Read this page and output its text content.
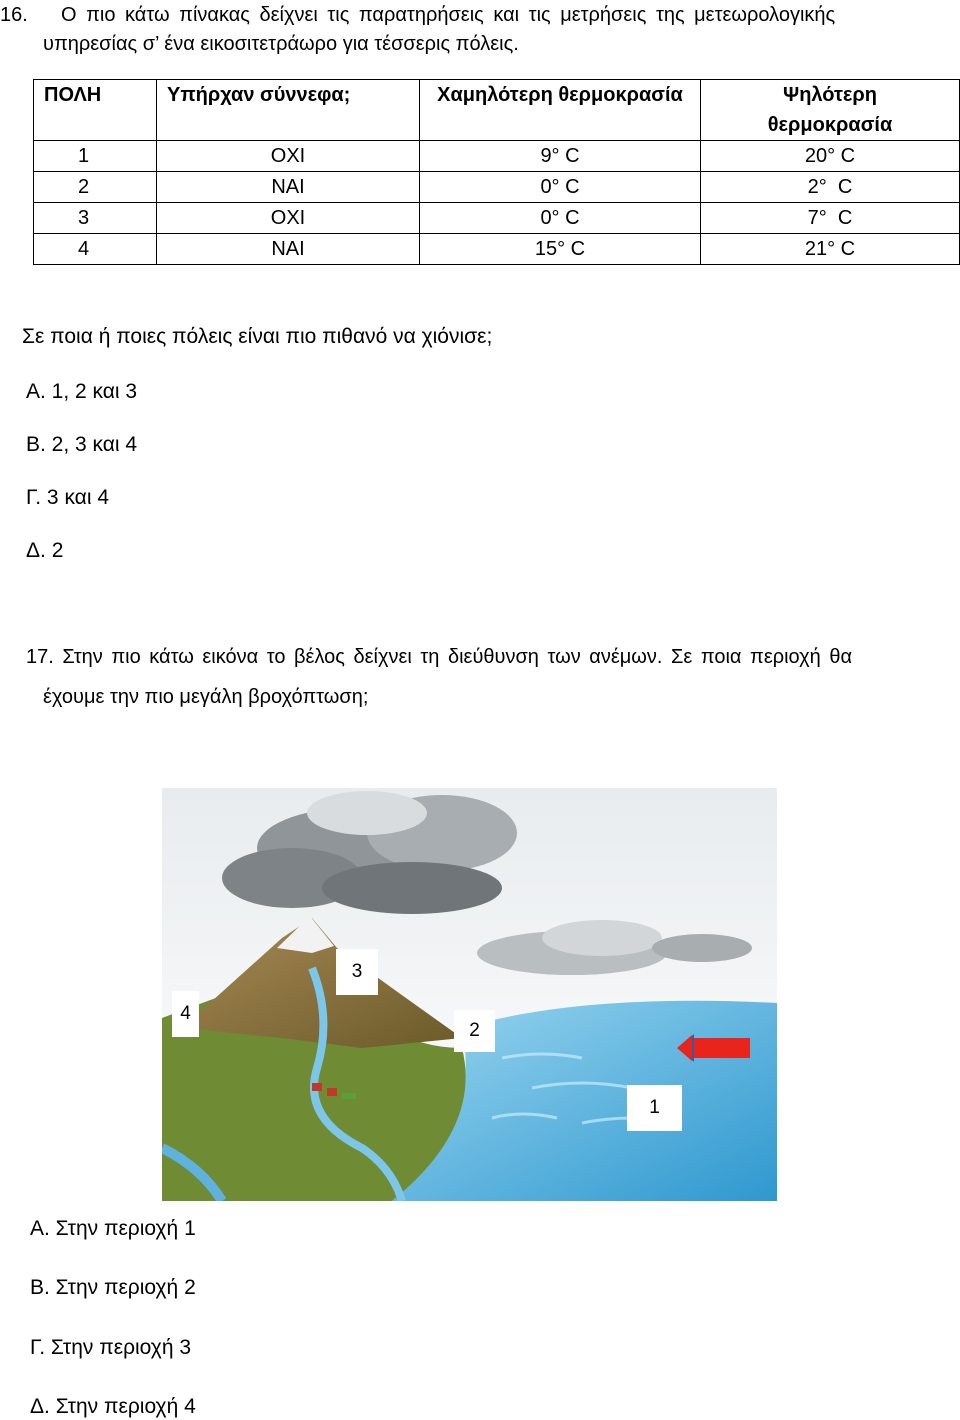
16. Ο πιο κάτω πίνακας δείχνει τις παρατηρήσεις και τις μετρήσεις της μετεωρολογικής
υπηρεσίας σ’ ένα εικοσιτετράωρο για τέσσερις πόλεις.
ΠΟΛΗ	Υπήρχαν σύννεφα;	Χαμηλότερη θερμοκρασία	Ψηλότερη θερμοκρασία
1	ΟΧΙ	9° C	20° C
2	ΝΑΙ	0° C	2°  C
3	ΟΧΙ	0° C	7°  C
4	ΝΑΙ	15° C	21° C
Σε ποια ή ποιες πόλεις είναι πιο πιθανό να χιόνισε;
Α. 1, 2 και 3
Β. 2, 3 και 4
Γ. 3 και 4
Δ. 2
17. Στην πιο κάτω εικόνα το βέλος δείχνει τη διεύθυνση των ανέμων. Σε ποια περιοχή θα
έχουμε την πιο μεγάλη βροχόπτωση;
4
3
2
1
Α. Στην περιοχή 1
Β. Στην περιοχή 2
Γ. Στην περιοχή 3
Δ. Στην περιοχή 4
